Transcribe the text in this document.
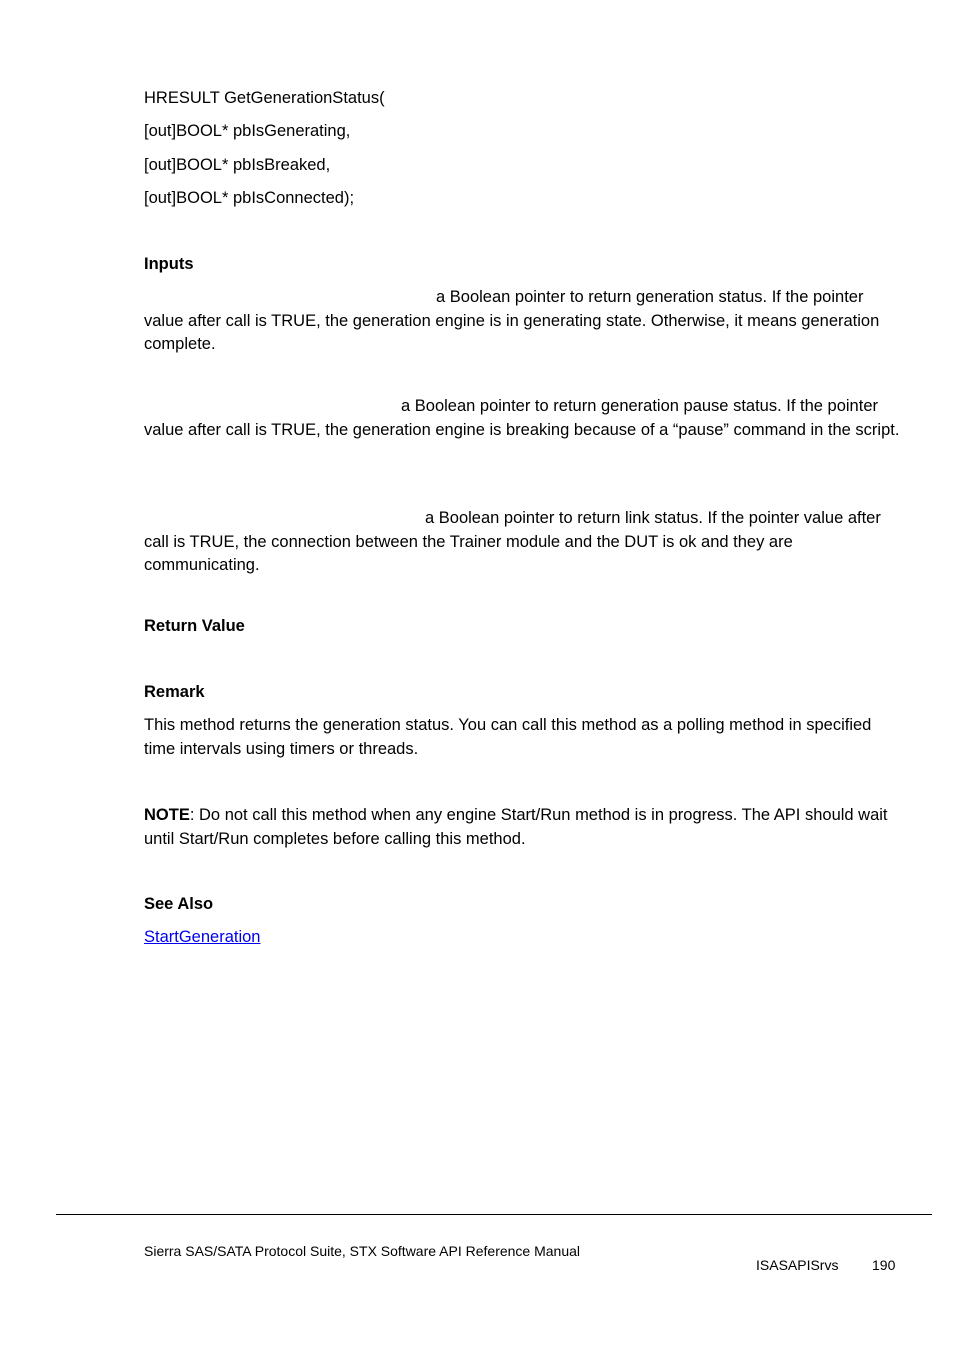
HRESULT GetGenerationStatus(
[out]BOOL* pbIsGenerating,
[out]BOOL* pbIsBreaked,
[out]BOOL* pbIsConnected);
Inputs
a Boolean pointer to return generation status. If the pointer value after call is TRUE, the generation engine is in generating state. Otherwise, it means generation complete.
a Boolean pointer to return generation pause status. If the pointer value after call is TRUE, the generation engine is breaking because of a “pause” command in the script.
a Boolean pointer to return link status. If the pointer value after call is TRUE, the connection between the Trainer module and the DUT is ok and they are communicating.
Return Value
Remark
This method returns the generation status. You can call this method as a polling method in specified time intervals using timers or threads.
NOTE: Do not call this method when any engine Start/Run method is in progress. The API should wait until Start/Run completes before calling this method.
See Also
StartGeneration
Sierra SAS/SATA Protocol Suite, STX Software API Reference Manual
ISASAPISrvs 190
